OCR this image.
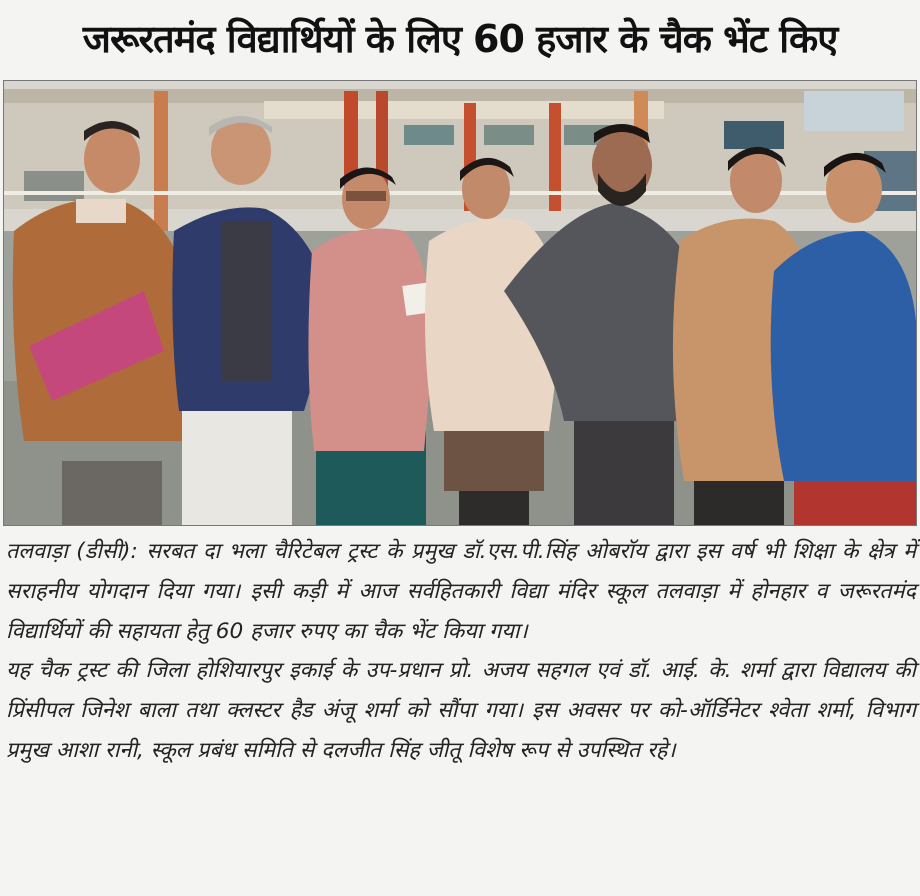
जरूरतमंद विद्यार्थियों के लिए 60 हजार के चैक भेंट किए

तलवाड़ा (डीसी): सरबत दा भला चैरिटेबल ट्रस्ट के प्रमुख डॉ.एस.पी.सिंह ओबरॉय द्वारा इस वर्ष भी शिक्षा के क्षेत्र में सराहनीय योगदान दिया गया। इसी कड़ी में आज सर्वहितकारी विद्या मंदिर स्कूल तलवाड़ा में होनहार व जरूरतमंद विद्यार्थियों की सहायता हेतु 60 हजार रुपए का चैक भेंट किया गया।

यह चैक ट्रस्ट की जिला होशियारपुर इकाई के उप-प्रधान प्रो. अजय सहगल एवं डॉ. आई. के. शर्मा द्वारा विद्यालय की प्रिंसीपल जिनेश बाला तथा क्लस्टर हैड अंजू शर्मा को सौंपा गया। इस अवसर पर को-ऑर्डिनेटर श्वेता शर्मा, विभाग प्रमुख आशा रानी, स्कूल प्रबंध समिति से दलजीत सिंह जीतू विशेष रूप से उपस्थित रहे।
